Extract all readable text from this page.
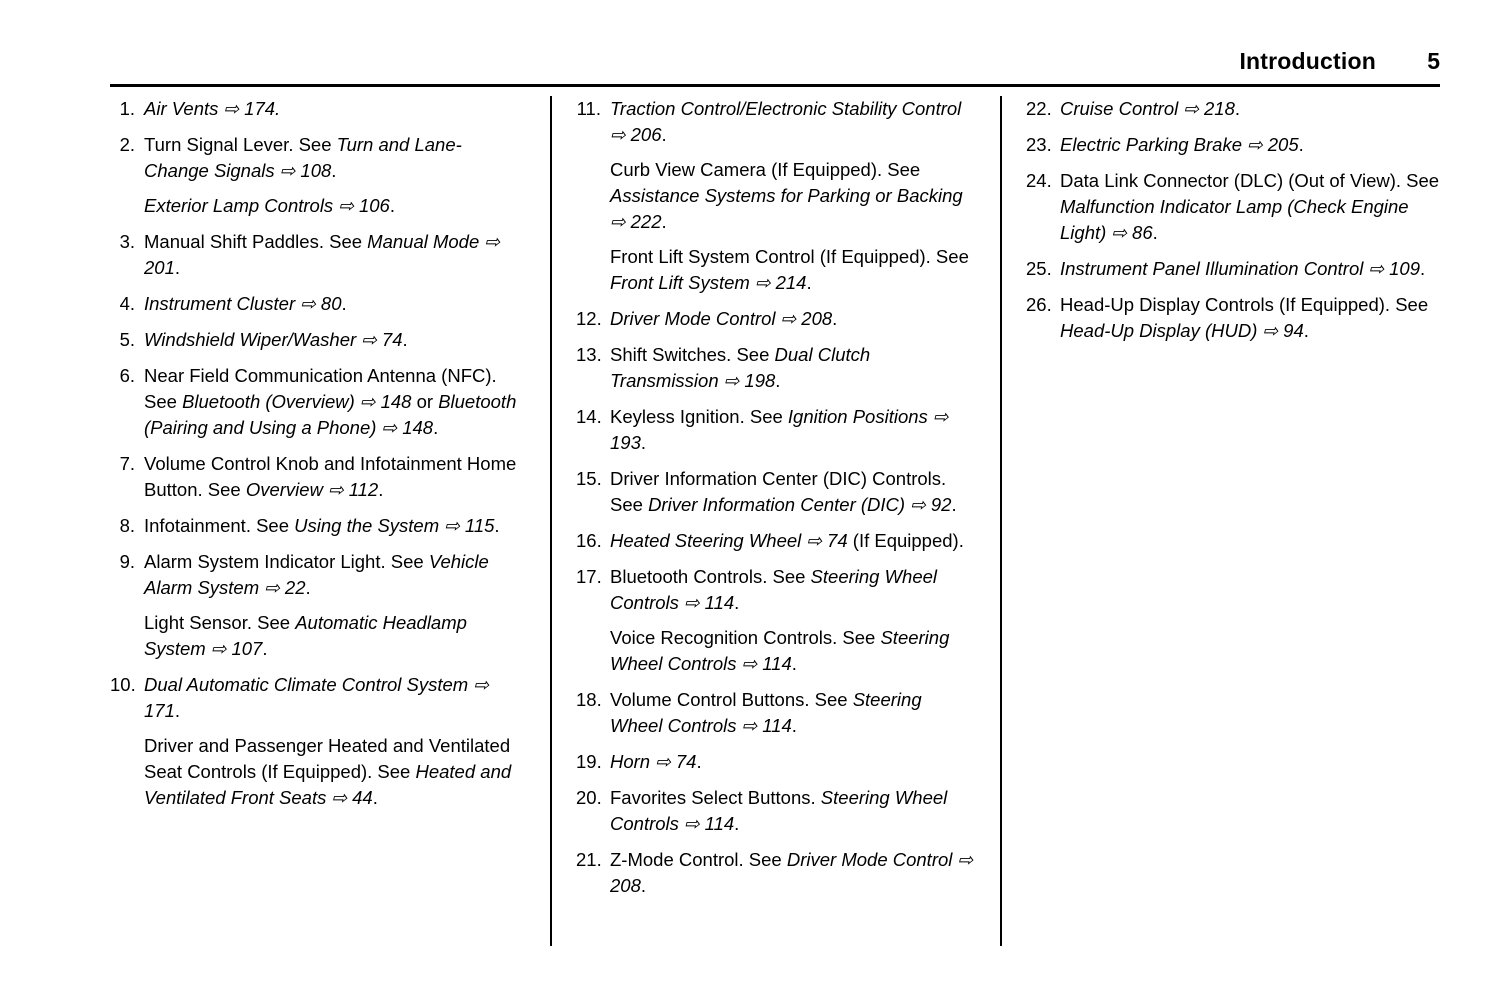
Introduction 5
1. Air Vents ⇨ 174.

2. Turn Signal Lever. See Turn and Lane-Change Signals ⇨ 108.

Exterior Lamp Controls ⇨ 106.

3. Manual Shift Paddles. See Manual Mode ⇨ 201.

4. Instrument Cluster ⇨ 80.

5. Windshield Wiper/Washer ⇨ 74.

6. Near Field Communication Antenna (NFC). See Bluetooth (Overview) ⇨ 148 or Bluetooth (Pairing and Using a Phone) ⇨ 148.

7. Volume Control Knob and Infotainment Home Button. See Overview ⇨ 112.

8. Infotainment. See Using the System ⇨ 115.

9. Alarm System Indicator Light. See Vehicle Alarm System ⇨ 22.

Light Sensor. See Automatic Headlamp System ⇨ 107.

10. Dual Automatic Climate Control System ⇨ 171.

Driver and Passenger Heated and Ventilated Seat Controls (If Equipped). See Heated and Ventilated Front Seats ⇨ 44.

11. Traction Control/Electronic Stability Control ⇨ 206.

Curb View Camera (If Equipped). See Assistance Systems for Parking or Backing ⇨ 222.

Front Lift System Control (If Equipped). See Front Lift System ⇨ 214.

12. Driver Mode Control ⇨ 208.

13. Shift Switches. See Dual Clutch Transmission ⇨ 198.

14. Keyless Ignition. See Ignition Positions ⇨ 193.

15. Driver Information Center (DIC) Controls. See Driver Information Center (DIC) ⇨ 92.

16. Heated Steering Wheel ⇨ 74 (If Equipped).

17. Bluetooth Controls. See Steering Wheel Controls ⇨ 114.

Voice Recognition Controls. See Steering Wheel Controls ⇨ 114.

18. Volume Control Buttons. See Steering Wheel Controls ⇨ 114.

19. Horn ⇨ 74.

20. Favorites Select Buttons. Steering Wheel Controls ⇨ 114.

21. Z-Mode Control. See Driver Mode Control ⇨ 208.

22. Cruise Control ⇨ 218.

23. Electric Parking Brake ⇨ 205.

24. Data Link Connector (DLC) (Out of View). See Malfunction Indicator Lamp (Check Engine Light) ⇨ 86.

25. Instrument Panel Illumination Control ⇨ 109.

26. Head-Up Display Controls (If Equipped). See Head-Up Display (HUD) ⇨ 94.
